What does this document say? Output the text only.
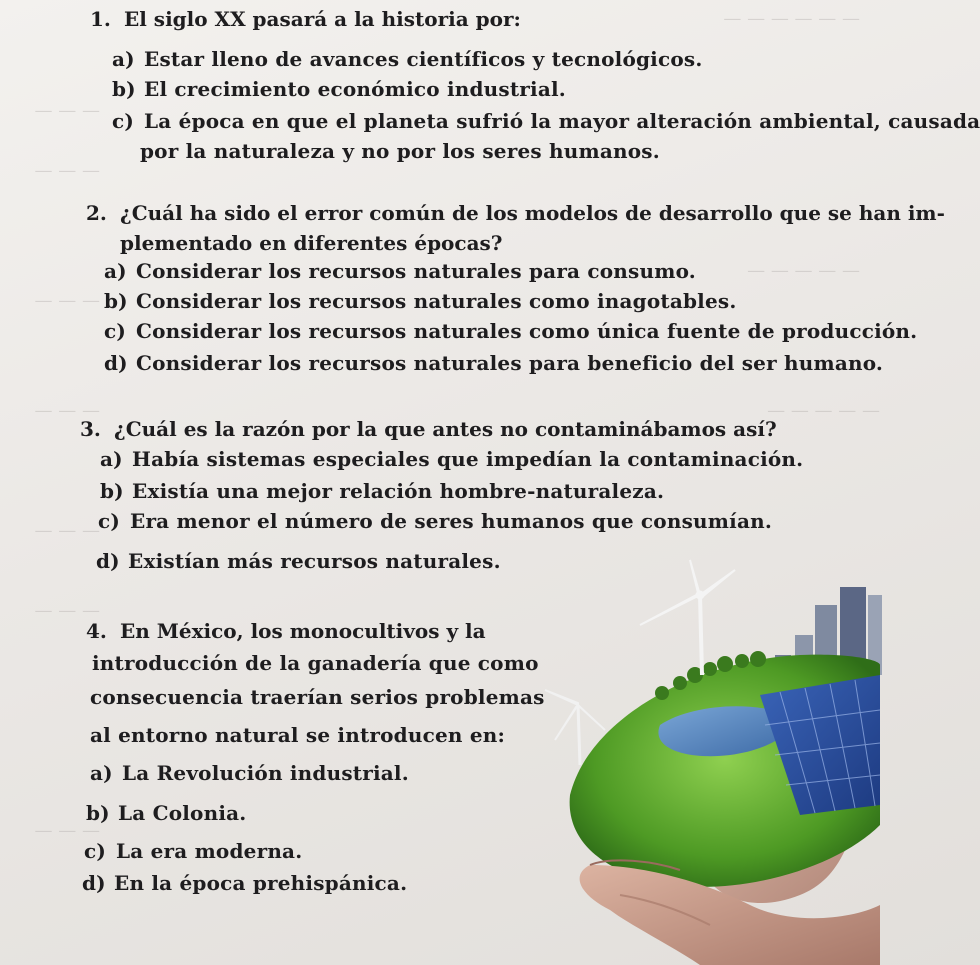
— — —
— — —
— — —
— — —
— — —
— — —
— — —
— — — — — —
— — — — —
— — — — —
1. El siglo XX pasará a la historia por:
a) Estar lleno de avances científicos y tecnológicos.
b) El crecimiento económico industrial.
c) La época en que el planeta sufrió la mayor alteración ambiental, causada
por la naturaleza y no por los seres humanos.
2. ¿Cuál ha sido el error común de los modelos de desarrollo que se han im-
plementado en diferentes épocas?
a) Considerar los recursos naturales para consumo.
b) Considerar los recursos naturales como inagotables.
c) Considerar los recursos naturales como única fuente de producción.
d) Considerar los recursos naturales para beneficio del ser humano.
3. ¿Cuál es la razón por la que antes no contaminábamos así?
a) Había sistemas especiales que impedían la contaminación.
b) Existía una mejor relación hombre-naturaleza.
c) Era menor el número de seres humanos que consumían.
d) Existían más recursos naturales.
4. En México, los monocultivos y la
introducción de la ganadería que como
consecuencia traerían serios problemas
al entorno natural se introducen en:
a) La Revolución industrial.
b) La Colonia.
c) La era moderna.
d) En la época prehispánica.
